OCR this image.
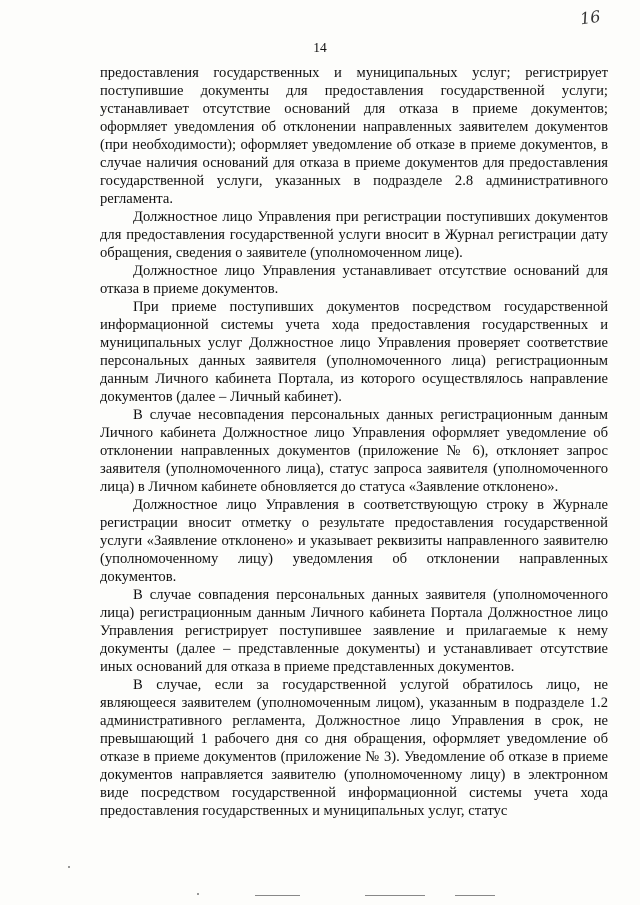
16
14

предоставления государственных и муниципальных услуг; регистрирует поступившие документы для предоставления государственной услуги; устанавливает отсутствие оснований для отказа в приеме документов; оформляет уведомления об отклонении направленных заявителем документов (при необходимости); оформляет уведомление об отказе в приеме документов, в случае наличия оснований для отказа в приеме документов для предоставления государственной услуги, указанных в подразделе 2.8 административного регламента.

Должностное лицо Управления при регистрации поступивших документов для предоставления государственной услуги вносит в Журнал регистрации дату обращения, сведения о заявителе (уполномоченном лице).

Должностное лицо Управления устанавливает отсутствие оснований для отказа в приеме документов.

При приеме поступивших документов посредством государственной информационной системы учета хода предоставления государственных и муниципальных услуг Должностное лицо Управления проверяет соответствие персональных данных заявителя (уполномоченного лица) регистрационным данным Личного кабинета Портала, из которого осуществлялось направление документов (далее – Личный кабинет).

В случае несовпадения персональных данных регистрационным данным Личного кабинета Должностное лицо Управления оформляет уведомление об отклонении направленных документов (приложение № 6), отклоняет запрос заявителя (уполномоченного лица), статус запроса заявителя (уполномоченного лица) в Личном кабинете обновляется до статуса «Заявление отклонено».

Должностное лицо Управления в соответствующую строку в Журнале регистрации вносит отметку о результате предоставления государственной услуги «Заявление отклонено» и указывает реквизиты направленного заявителю (уполномоченному лицу) уведомления об отклонении направленных документов.

В случае совпадения персональных данных заявителя (уполномоченного лица) регистрационным данным Личного кабинета Портала Должностное лицо Управления регистрирует поступившее заявление и прилагаемые к нему документы (далее – представленные документы) и устанавливает отсутствие иных оснований для отказа в приеме представленных документов.

В случае, если за государственной услугой обратилось лицо, не являющееся заявителем (уполномоченным лицом), указанным в подразделе 1.2 административного регламента, Должностное лицо Управления в срок, не превышающий 1 рабочего дня со дня обращения, оформляет уведомление об отказе в приеме документов (приложение № 3). Уведомление об отказе в приеме документов направляется заявителю (уполномоченному лицу) в электронном виде посредством государственной информационной системы учета хода предоставления государственных и муниципальных услуг, статус
